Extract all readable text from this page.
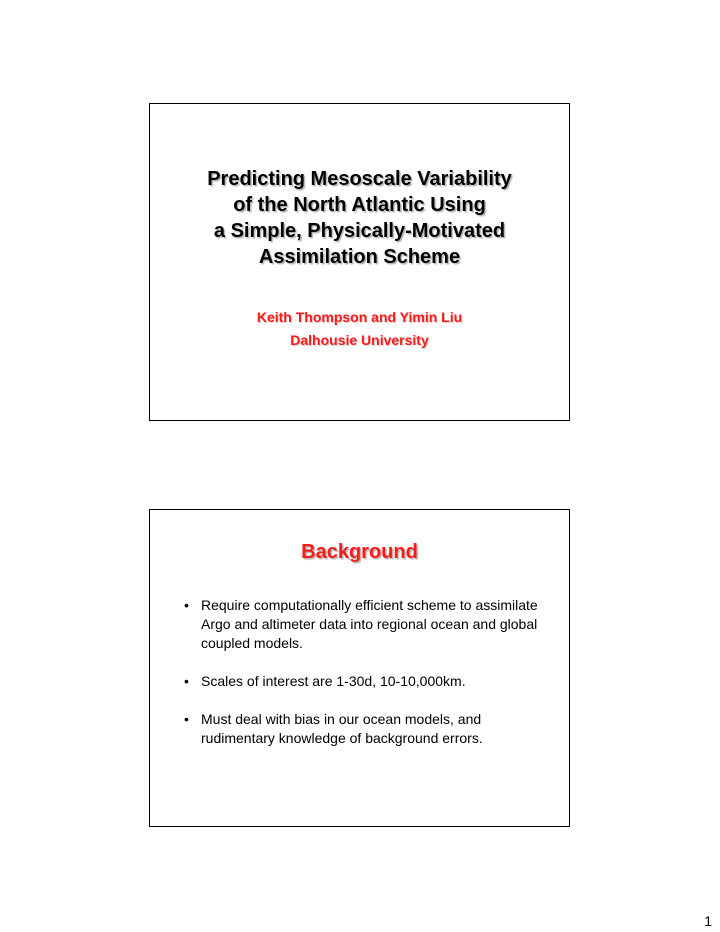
Predicting Mesoscale Variability
of the North Atlantic Using
a Simple, Physically-Motivated
Assimilation Scheme
Keith Thompson and Yimin Liu
Dalhousie University
Background
• Require computationally efficient scheme to assimilate Argo and altimeter data into regional ocean and global coupled models.
• Scales of interest are 1-30d, 10-10,000km.
• Must deal with bias in our ocean models, and rudimentary knowledge of background errors.
1
